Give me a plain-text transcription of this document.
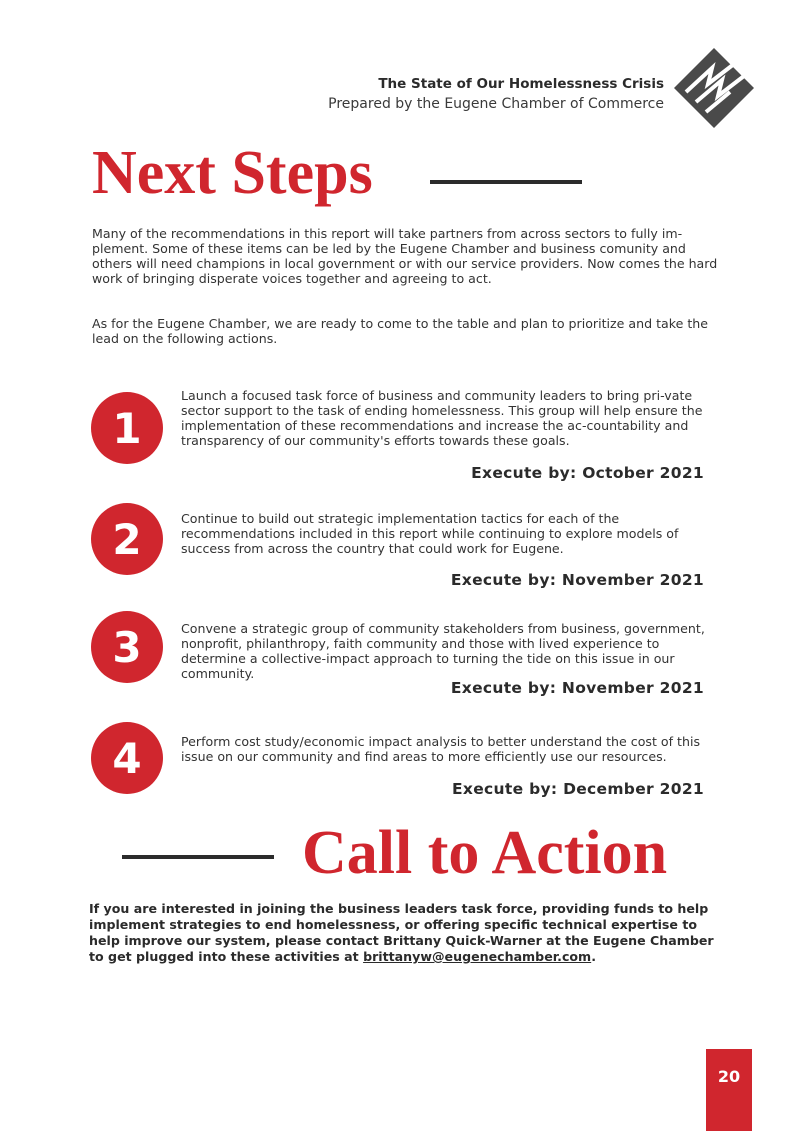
The State of Our Homelessness Crisis
Prepared by the Eugene Chamber of Commerce
Next Steps
Many of the recommendations in this report will take partners from across sectors to fully im-plement. Some of these items can be led by the Eugene Chamber and business comunity and others will need champions in local government or with our service providers. Now comes the hard work of bringing disperate voices together and agreeing to act.
As for the Eugene Chamber, we are ready to come to the table and plan to prioritize and take the lead on the following actions.
1
Launch a focused task force of business and community leaders to bring pri-vate sector support to the task of ending homelessness. This group will help ensure the implementation of these recommendations and increase the ac-countability and transparency of our community's efforts towards these goals.
Execute by: October 2021
2	Continue to build out strategic implementation tactics for each of the recommendations included in this report while continuing to explore models of success from across the country that could work for Eugene.
Execute by: November 2021
3	Convene a strategic group of community stakeholders from business, government, nonprofit, philanthropy, faith community and those with lived experience to determine a collective-impact approach to turning the tide on this issue in our community.
Execute by: November 2021
4	Perform cost study/economic impact analysis to better understand the cost of this issue on our community and find areas to more efficiently use our resources.
Execute by: December 2021
Call to Action
If you are interested in joining the business leaders task force, providing funds to help implement strategies to end homelessness, or offering specific technical expertise to help improve our system, please contact Brittany Quick-Warner at the Eugene Chamber to get plugged into these activities at brittanyw@eugenechamber.com.
20
